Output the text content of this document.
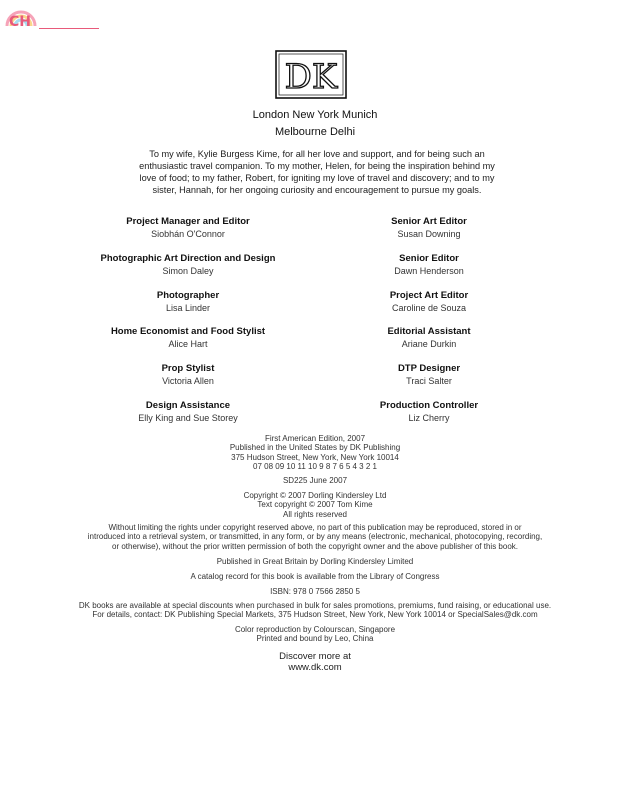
CH
DK
London New York Munich
Melbourne Delhi
To my wife, Kylie Burgess Kime, for all her love and support, and for being such an
enthusiastic travel companion. To my mother, Helen, for being the inspiration behind my
love of food; to my father, Robert, for igniting my love of travel and discovery; and to my
sister, Hannah, for her ongoing curiosity and encouragement to pursue my goals.
Project Manager and Editor
Siobhán O'Connor
Photographic Art Direction and Design
Simon Daley
Photographer
Lisa Linder
Home Economist and Food Stylist
Alice Hart
Prop Stylist
Victoria Allen
Design Assistance
Elly King and Sue Storey
Senior Art Editor
Susan Downing
Senior Editor
Dawn Henderson
Project Art Editor
Caroline de Souza
Editorial Assistant
Ariane Durkin
DTP Designer
Traci Salter
Production Controller
Liz Cherry
First American Edition, 2007
Published in the United States by DK Publishing
375 Hudson Street, New York, New York 10014
07 08 09 10 11 10 9 8 7 6 5 4 3 2 1
SD225 June 2007
Copyright © 2007 Dorling Kindersley Ltd
Text copyright © 2007 Tom Kime
All rights reserved
Without limiting the rights under copyright reserved above, no part of this publication may be reproduced, stored in or
introduced into a retrieval system, or transmitted, in any form, or by any means (electronic, mechanical, photocopying, recording,
or otherwise), without the prior written permission of both the copyright owner and the above publisher of this book.
Published in Great Britain by Dorling Kindersley Limited
A catalog record for this book is available from the Library of Congress
ISBN: 978 0 7566 2850 5
DK books are available at special discounts when purchased in bulk for sales promotions, premiums, fund raising, or educational use.
For details, contact: DK Publishing Special Markets, 375 Hudson Street, New York, New York 10014 or SpecialSales@dk.com
Color reproduction by Colourscan, Singapore
Printed and bound by Leo, China
Discover more at
www.dk.com
